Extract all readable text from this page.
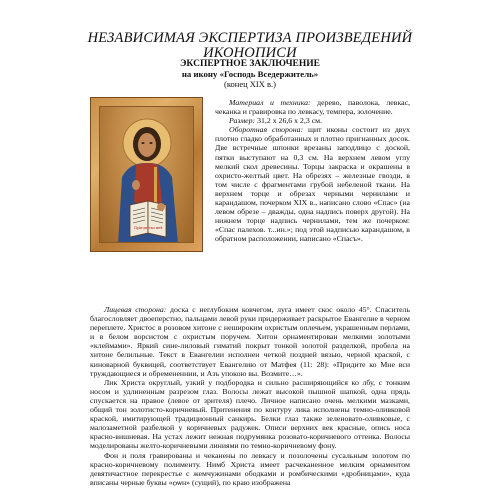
НЕЗАВИСИМАЯ ЭКСПЕРТИЗА ПРОИЗВЕДЕНИЙ
ИКОНОПИСИ
ЭКСПЕРТНОЕ ЗАКЛЮЧЕНИЕ
на икону «Господь Вседержитель»
(конец XIX в.)
Прiи-дите ко мнѣ
Материал и техника: дерево, паволока, левкас, чеканка и гравировка по левкасу, темпера, золочение.
Размер: 31,2 х 26,6 х 2,3 см.
Оборотная сторона: щит иконы состоит из двух плотно гладко обработанных и плотно пригнанных досок. Две встречные шпонки врезаны заподлицо с доской, пятки выступают на 0,3 см. На верхнем левом углу мелкий скол древесины. Торцы закраска и окрашены в охристо-желтый цвет. На обрезях – железные гвозди, в том числе с фрагментами грубой небеленой ткани. На верхнем торце и обрезах черными чернилами и карандашом, почерком XIX в., написано слово «Спас» (на левом обрезе – дважды, одна надпись поверх другой). На нижнем торце надпись чернилами, тем же почерком: «Спас палехов. т...ин.»; под этой надписью карандашом, в обратном расположении, написано «Спасъ».
Лицевая сторона: доска с неглубоким ковчегом, луга имеет скос около 45°. Спаситель благословляет двоеперстно, пальцами левой руки придерживает раскрытое Евангелие в черном переплете. Христос в розовом хитоне с нешироким охристым оплечьем, украшенным перлами, и в белом ворсистом с охристым поручем. Хитон орнаментирован мелкими золотыми «клеймами». Яркий сине-лиловый гиматий покрыт тонкой золотой разделкой, пробела на хитоне белильные. Текст в Евангелии исполнен четкой поздней вязью, черной краской, с киноварной буквицей, соответствует Евангелию от Матфея (11: 28): «Придите ко Мне вси труждающиеся и обремененнии, и Азъ упокою вы. Возмите…».
Лик Христа округлый, узкий у подбородка и сильно расширяющийся ко лбу, с тонким носом и удлиненным разрезом глаз. Волосы лежат высокой пышной шапкой, одна прядь спускается на правое (левое от зрителя) плечо. Личное написано очень мелкими мазками, общий тон золотисто-коричневый. Притенения по контуру лика исполнены темно-оливковой краской, имитирующей традиционный санкирь. Белки глаз также зеленовато-оливковые, с малозаметной разбелкой у коричневых радужек. Описи верхних век красные, опись носа красно-вишневая. На устах лежит нежная подрумянка розовато-коричневого оттенка. Волосы моделированы желто-коричневыми линиями по темно-коричневому фону.
Фон и поля гравированы и чеканены по левкасу и позолочены сусальным золотом по красно-коричневому полименту. Нимб Христа имеет расчеканенное мелким орнаментом девятичастное перекрестье с жемчужинами ободками и ромбическими «дробницами», куда вписаны черные буквы «ѻѡн» (сущий), по краю изображена
